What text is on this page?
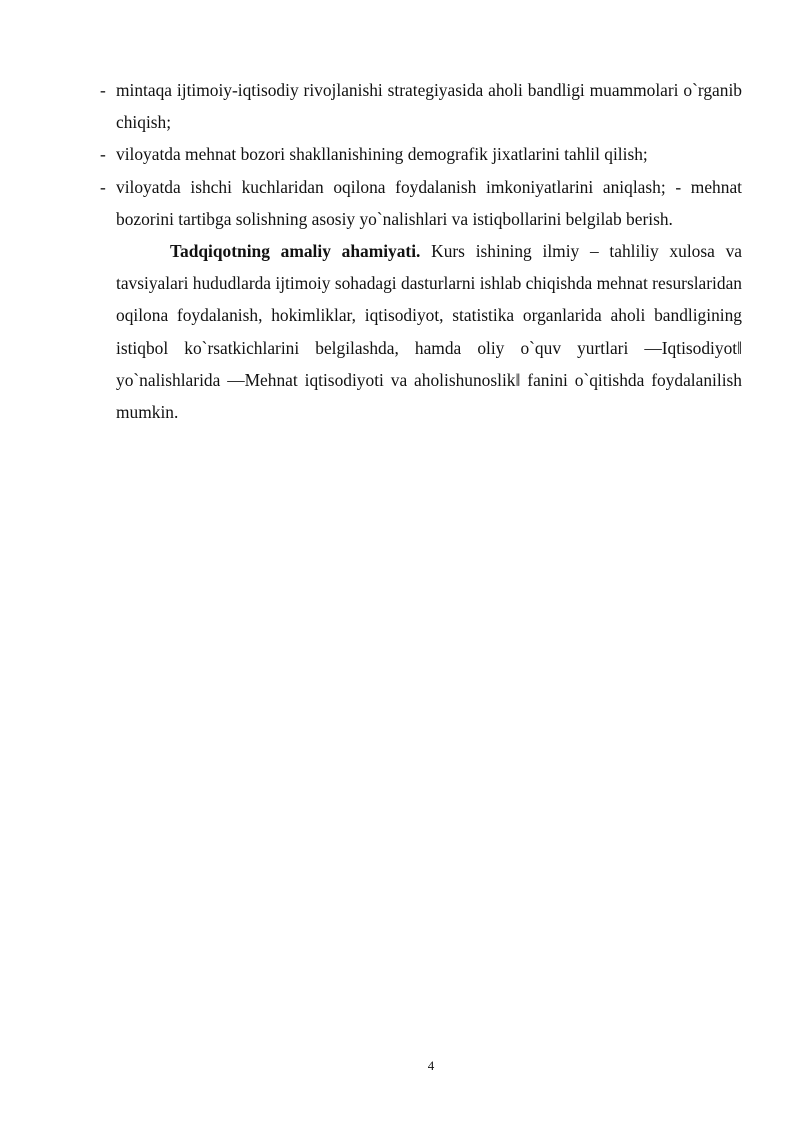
- mintaqa ijtimoiy-iqtisodiy rivojlanishi strategiyasida aholi bandligi muammolari o`rganib chiqish;
- viloyatda mehnat bozori shakllanishining demografik jixatlarini tahlil qilish;
- viloyatda ishchi kuchlaridan oqilona foydalanish imkoniyatlarini aniqlash; - mehnat bozorini tartibga solishning asosiy yo`nalishlari va istiqbollarini belgilab berish.
Tadqiqotning amaliy ahamiyati. Kurs ishining ilmiy – tahliliy xulosa va tavsiyalari hududlarda ijtimoiy sohadagi dasturlarni ishlab chiqishda mehnat resurslaridan oqilona foydalanish, hokimliklar, iqtisodiyot, statistika organlarida aholi bandligining istiqbol ko`rsatkichlarini belgilashda, hamda oliy o`quv yurtlari ―Iqtisodiyot‖ yo`nalishlarida ―Mehnat iqtisodiyoti va aholishunoslik‖ fanini o`qitishda foydalanilish mumkin.
4
